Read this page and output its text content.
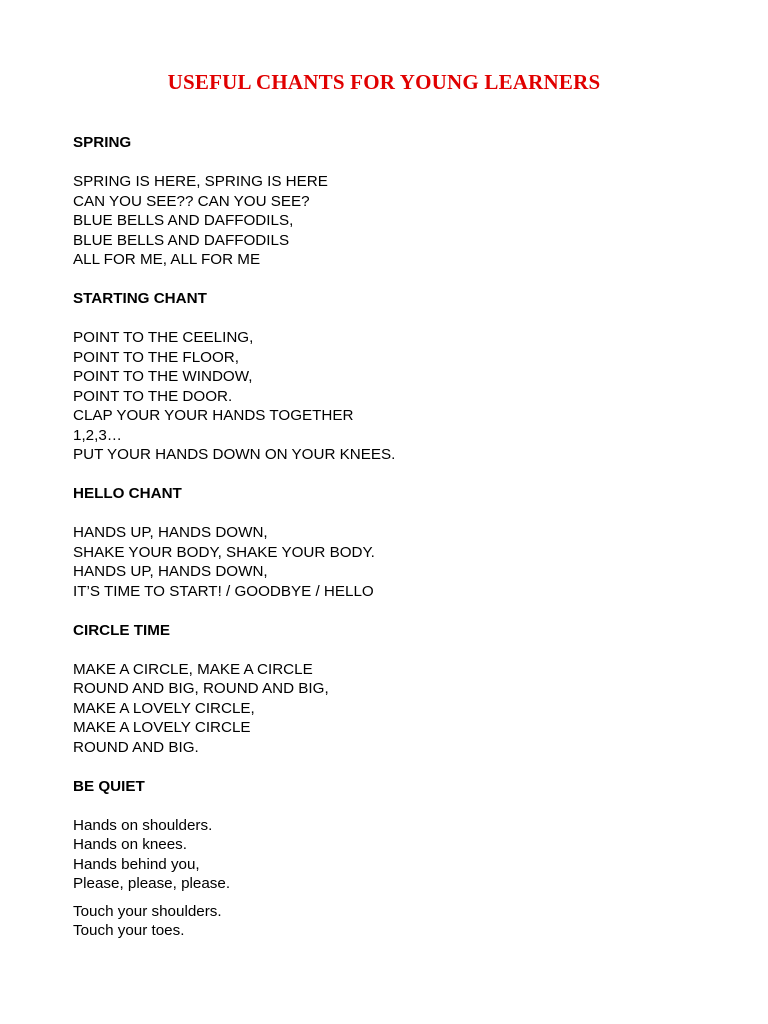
USEFUL CHANTS FOR YOUNG LEARNERS
SPRING
SPRING IS HERE, SPRING IS HERE
CAN YOU SEE?? CAN YOU SEE?
BLUE BELLS AND DAFFODILS,
BLUE BELLS AND DAFFODILS
ALL FOR ME, ALL FOR ME
STARTING CHANT
POINT TO THE CEELING,
POINT TO THE FLOOR,
POINT TO THE WINDOW,
POINT TO THE DOOR.
CLAP YOUR YOUR HANDS TOGETHER
1,2,3…
PUT YOUR HANDS DOWN ON YOUR KNEES.
HELLO CHANT
HANDS UP, HANDS DOWN,
SHAKE YOUR BODY, SHAKE YOUR BODY.
HANDS UP, HANDS DOWN,
IT’S TIME TO START! / GOODBYE / HELLO
CIRCLE TIME
MAKE A CIRCLE, MAKE A CIRCLE
ROUND AND BIG, ROUND AND BIG,
MAKE A LOVELY CIRCLE,
MAKE A LOVELY CIRCLE
ROUND AND BIG.
BE QUIET
Hands on shoulders.
Hands on knees.
Hands behind you,
Please, please, please.
Touch your shoulders.
Touch your toes.
